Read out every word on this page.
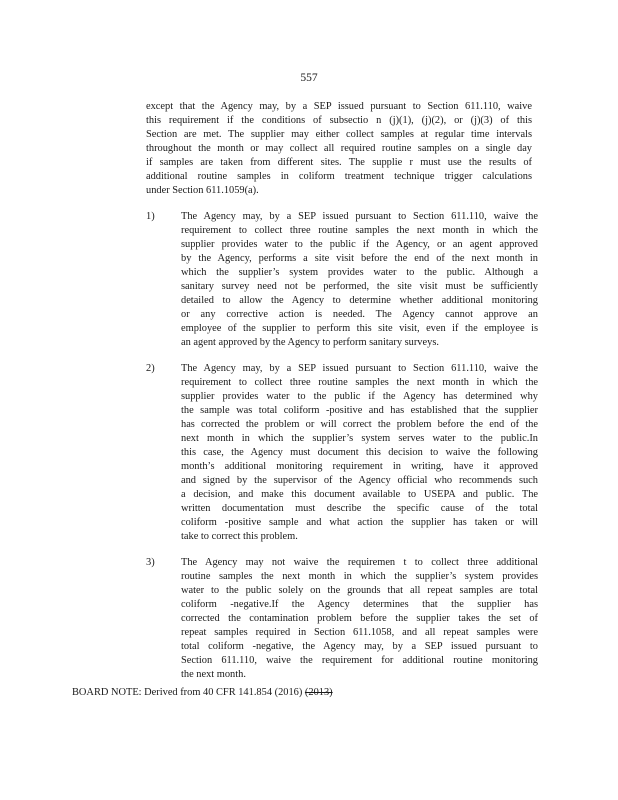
557
except that the Agency may, by a SEP issued pursuant to Section 611.110, waive
this requirement if the conditions of subsectio n (j)(1), (j)(2), or (j)(3) of this
Section are met. The supplier may either collect samples at regular time intervals
throughout the month or may collect all required routine samples on a single day
if samples are taken from different sites. The supplie r must use the results of
additional routine samples in coliform treatment technique trigger calculations
under Section 611.1059(a).
1)	The Agency may, by a SEP issued pursuant to Section 611.110, waive the
requirement to collect three routine samples the next month in which the
supplier provides water to the public if the Agency, or an agent approved
by the Agency, performs a site visit before the end of the next month in
which the supplier’s system provides water to the public. Although a
sanitary survey need not be performed, the site visit must be sufficiently
detailed to allow the Agency to determine whether additional monitoring
or any corrective action is needed. The Agency cannot approve an
employee of the supplier to perform this site visit, even if the employee is
an agent approved by the Agency to perform sanitary surveys.
2)	The Agency may, by a SEP issued pursuant to Section 611.110, waive the
requirement to collect three routine samples the next month in which the
supplier provides water to the public if the Agency has determined why
the sample was total coliform -positive and has established that the supplier
has corrected the problem or will correct the problem before the end of the
next month in which the supplier’s system serves water to the public.In
this case, the Agency must document this decision to waive the following
month’s additional monitoring requirement in writing, have it approved
and signed by the supervisor of the Agency official who recommends such
a decision, and make this document available to USEPA and public. The
written documentation must describe the specific cause of the total
coliform -positive sample and what action the supplier has taken or will
take to correct this problem.
3)	The Agency may not waive the requiremen t to collect three additional
routine samples the next month in which the supplier’s system provides
water to the public solely on the grounds that all repeat samples are total
coliform -negative.If the Agency determines that the supplier has
corrected the contamination problem before the supplier takes the set of
repeat samples required in Section 611.1058, and all repeat samples were
total coliform -negative, the Agency may, by a SEP issued pursuant to
Section 611.110, waive the requirement for additional routine monitoring
the next month.
BOARD NOTE: Derived from 40 CFR 141.854 (2016) (2013)
